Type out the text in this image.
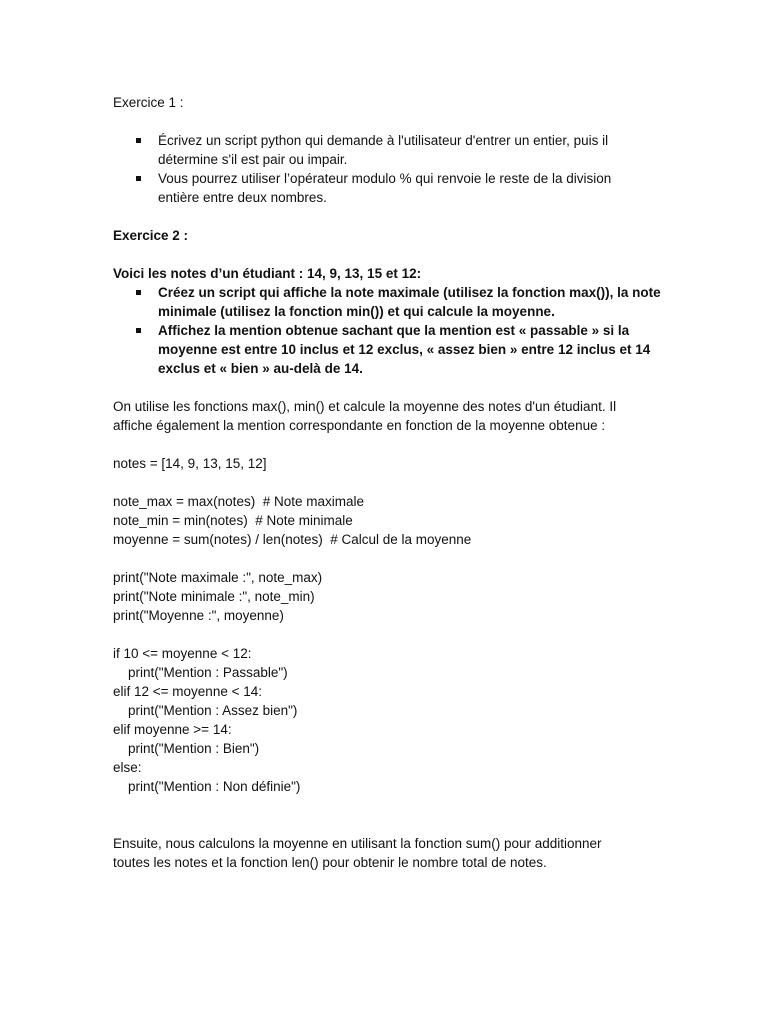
Exercice 1 :
Écrivez un script python qui demande à l'utilisateur d'entrer un entier, puis il
détermine s'il est pair ou impair.
Vous pourrez utiliser l’opérateur modulo % qui renvoie le reste de la division
entière entre deux nombres.
Exercice 2 :
Voici les notes d’un étudiant : 14, 9, 13, 15 et 12:
Créez un script qui affiche la note maximale (utilisez la fonction max()), la note
minimale (utilisez la fonction min()) et qui calcule la moyenne.
Affichez la mention obtenue sachant que la mention est « passable » si la
moyenne est entre 10 inclus et 12 exclus, « assez bien » entre 12 inclus et 14
exclus et « bien » au-delà de 14.
On utilise les fonctions max(), min() et calcule la moyenne des notes d'un étudiant. Il
affiche également la mention correspondante en fonction de la moyenne obtenue :
notes = [14, 9, 13, 15, 12]
note_max = max(notes)  # Note maximale
note_min = min(notes)  # Note minimale
moyenne = sum(notes) / len(notes)  # Calcul de la moyenne
print("Note maximale :", note_max)
print("Note minimale :", note_min)
print("Moyenne :", moyenne)
if 10 <= moyenne < 12:
print("Mention : Passable")
elif 12 <= moyenne < 14:
print("Mention : Assez bien")
elif moyenne >= 14:
print("Mention : Bien")
else:
print("Mention : Non définie")
Ensuite, nous calculons la moyenne en utilisant la fonction sum() pour additionner
toutes les notes et la fonction len() pour obtenir le nombre total de notes.
